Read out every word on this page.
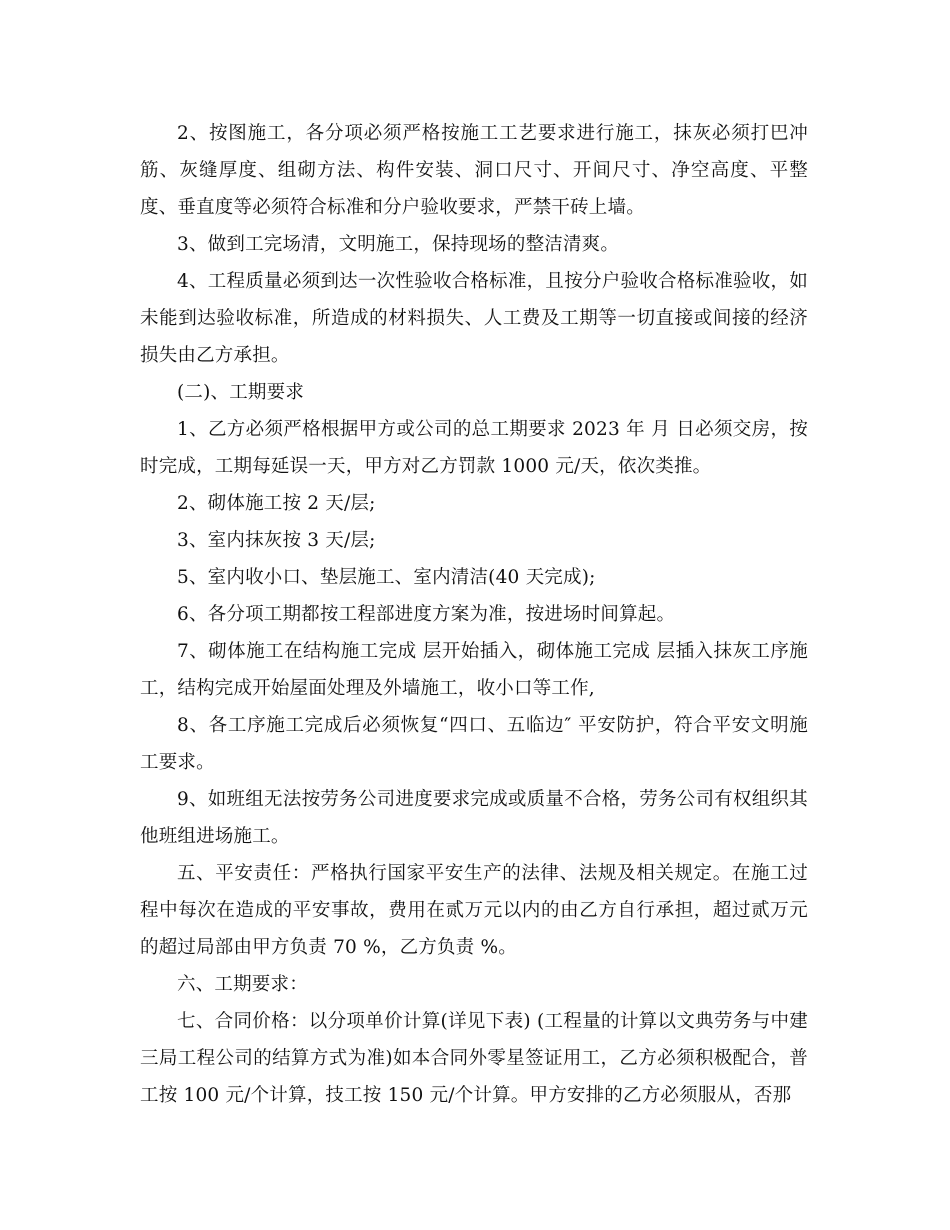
2、按图施工，各分项必须严格按施工工艺要求进行施工，抹灰必须打巴冲筋、灰缝厚度、组砌方法、构件安装、洞口尺寸、开间尺寸、净空高度、平整度、垂直度等必须符合标准和分户验收要求，严禁干砖上墙。

3、做到工完场清，文明施工，保持现场的整洁清爽。

4、工程质量必须到达一次性验收合格标准，且按分户验收合格标准验收，如未能到达验收标准，所造成的材料损失、人工费及工期等一切直接或间接的经济损失由乙方承担。

(二)、工期要求

1、乙方必须严格根据甲方或公司的总工期要求 2023 年 月 日必须交房，按时完成，工期每延误一天，甲方对乙方罚款 1000 元/天，依次类推。

2、砌体施工按 2 天/层;

3、室内抹灰按 3 天/层;

5、室内收小口、垫层施工、室内清洁(40 天完成);

6、各分项工期都按工程部进度方案为准，按进场时间算起。

7、砌体施工在结构施工完成 层开始插入，砌体施工完成 层插入抹灰工序施工，结构完成开始屋面处理及外墙施工，收小口等工作,

8、各工序施工完成后必须恢复“四口、五临边″ 平安防护，符合平安文明施工要求。

9、如班组无法按劳务公司进度要求完成或质量不合格，劳务公司有权组织其他班组进场施工。

五、平安责任：严格执行国家平安生产的法律、法规及相关规定。在施工过程中每次在造成的平安事故，费用在贰万元以内的由乙方自行承担，超过贰万元的超过局部由甲方负责 70 %，乙方负责 %。

六、工期要求：

七、合同价格：以分项单价计算(详见下表) (工程量的计算以文典劳务与中建三局工程公司的结算方式为准)如本合同外零星签证用工，乙方必须积极配合，普工按 100 元/个计算，技工按 150 元/个计算。甲方安排的乙方必须服从，否那
